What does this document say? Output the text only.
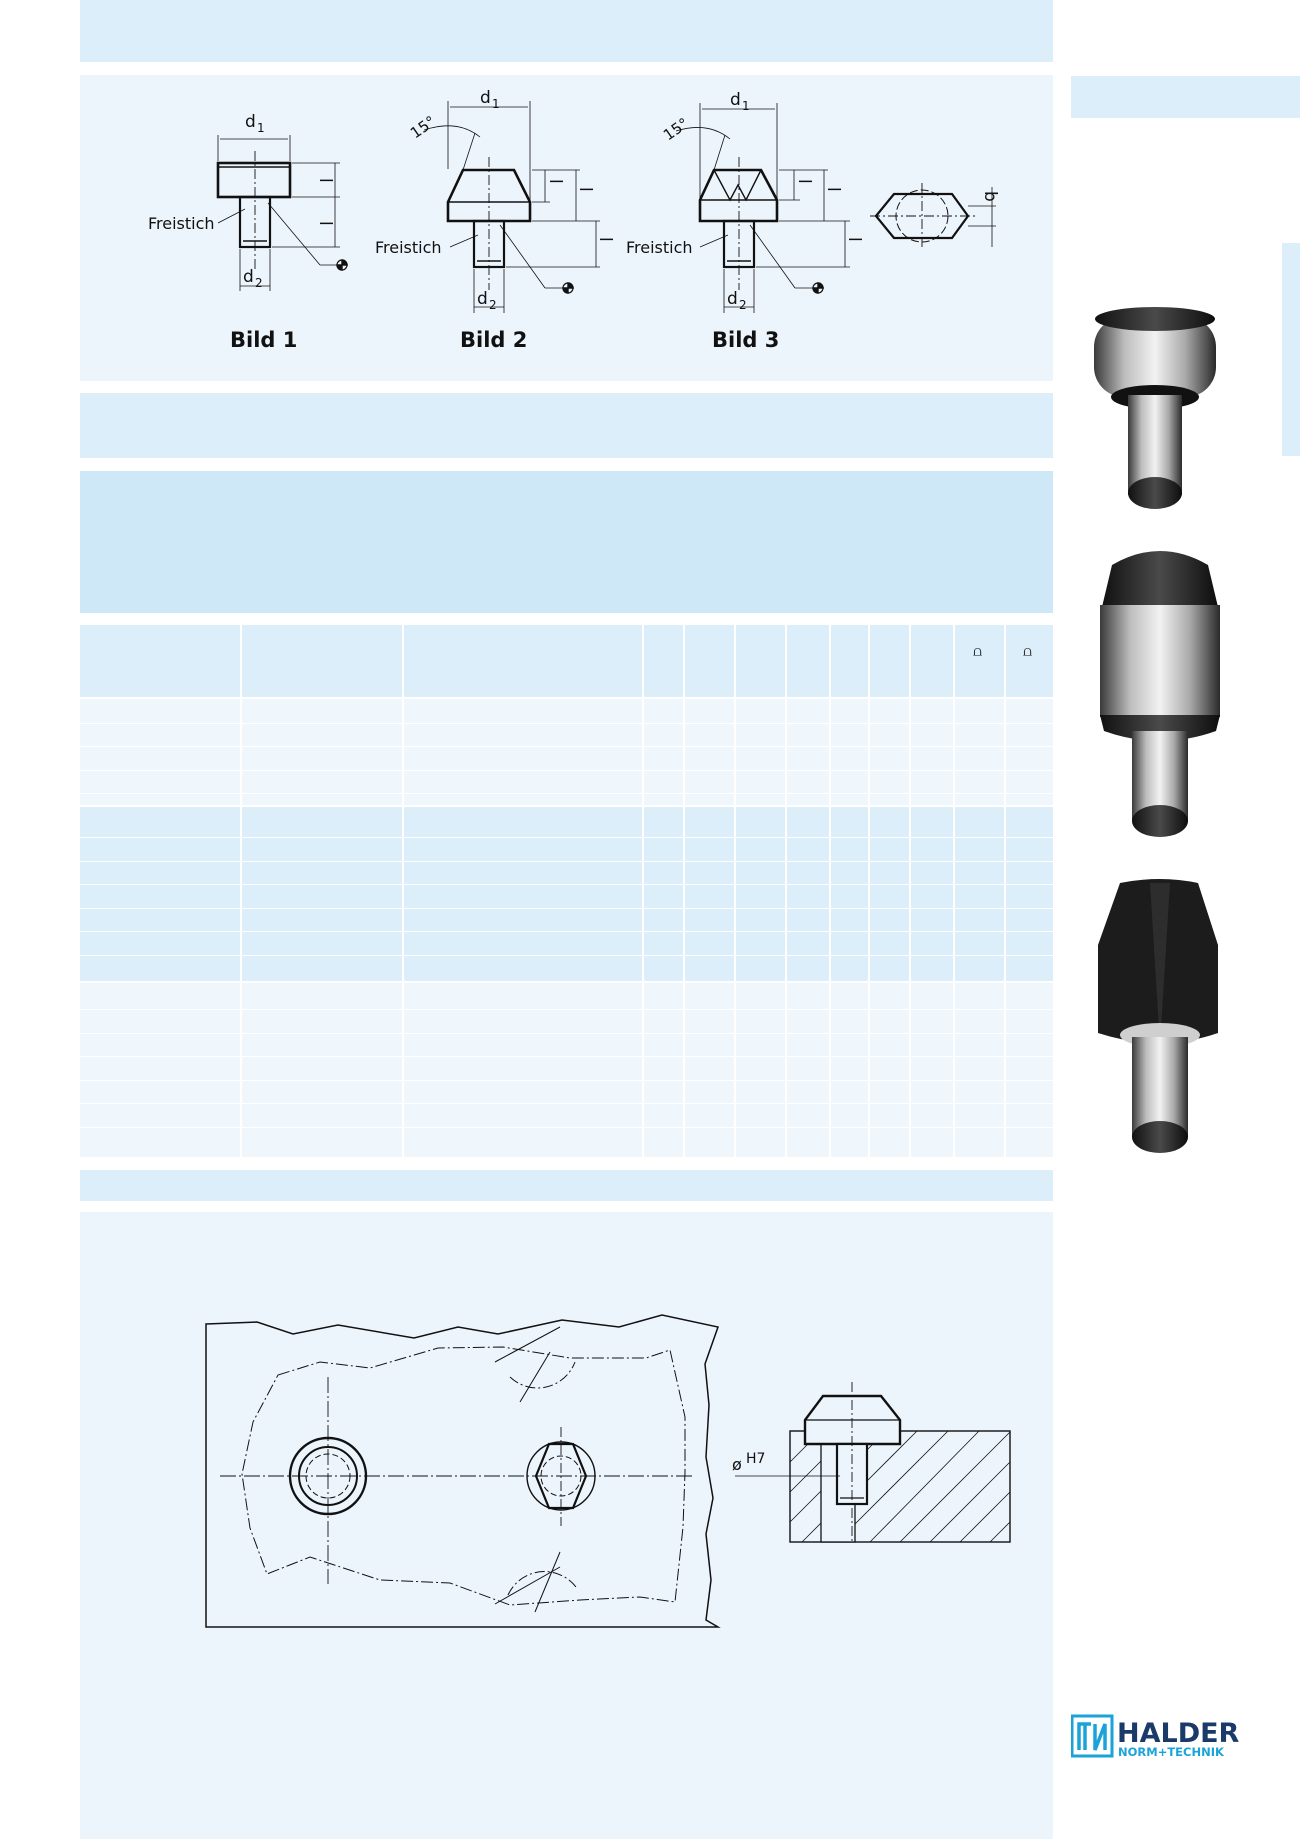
d 1
d 2
Freistich
l
l
d 1
d 2
15°
Freistich
l
l
l
d 1
d 2
15°
Freistich
l
l
l
b
Bild 1	Bild 2	Bild 3
⩍	⩍
ø H7
HALDER
NORM+TECHNIK
